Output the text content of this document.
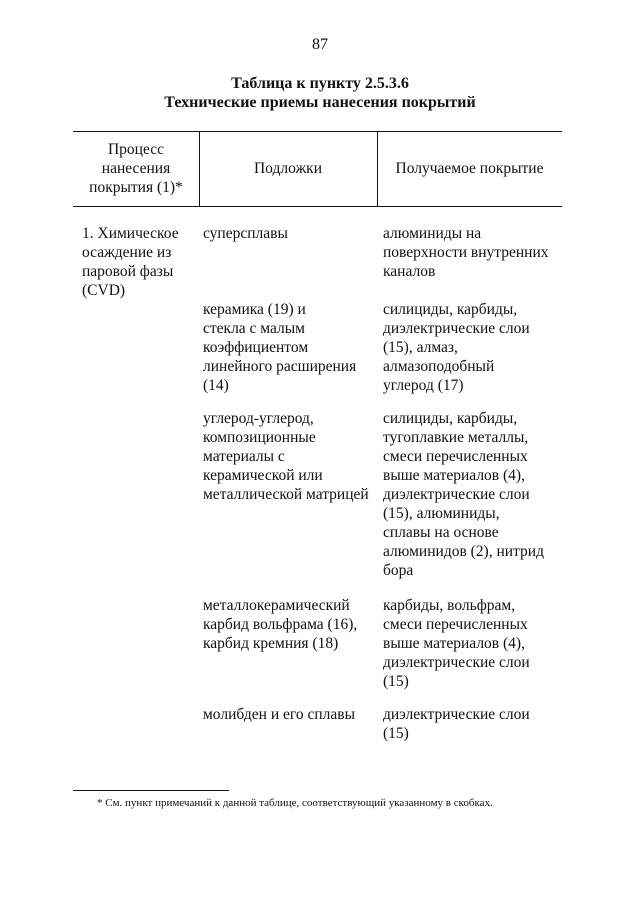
87
Таблица к пункту 2.5.3.6
Технические приемы нанесения покрытий
Процесс
нанесения
покрытия (1)*
Подложки	Получаемое покрытие
1. Химическое
осаждение из
паровой фазы
(CVD)
суперсплавы	алюминиды на
поверхности внутренних
каналов
керамика (19) и
стекла с малым
коэффициентом
линейного расширения
(14)
силициды, карбиды,
диэлектрические слои
(15), алмаз,
алмазоподобный
углерод (17)
углерод-углерод,
композиционные
материалы с
керамической или
металлической матрицей
силициды, карбиды,
тугоплавкие металлы,
смеси перечисленных
выше материалов (4),
диэлектрические слои
(15), алюминиды,
сплавы на основе
алюминидов (2), нитрид
бора
металлокерамический
карбид вольфрама (16),
карбид кремния (18)
карбиды, вольфрам,
смеси перечисленных
выше материалов (4),
диэлектрические слои
(15)
молибден и его сплавы диэлектрические слои
(15)
* См. пункт примечаний к данной таблице, соответствующий указанному в скобках.
